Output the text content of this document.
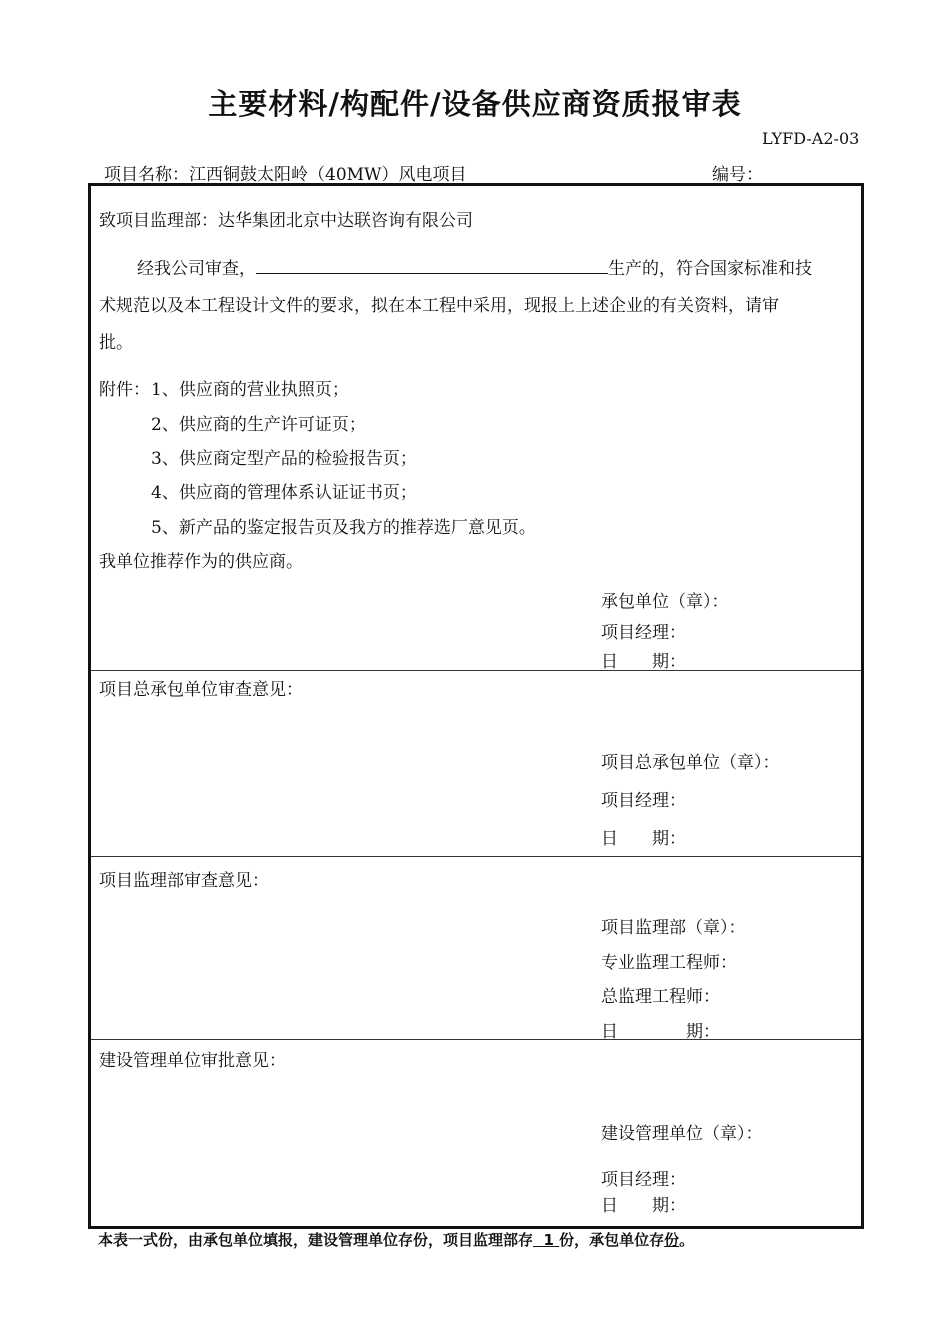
主要材料/构配件/设备供应商资质报审表
LYFD-A2-03
项目名称：江西铜鼓太阳岭（40MW）风电项目	编号：
致项目监理部：达华集团北京中达联咨询有限公司
经我公司审查，	生产的，符合国家标准和技
术规范以及本工程设计文件的要求，拟在本工程中采用，现报上上述企业的有关资料，请审
批。
附件： 1、供应商的营业执照页；
2、供应商的生产许可证页；
3、供应商定型产品的检验报告页；
4、供应商的管理体系认证证书页；
5、新产品的鉴定报告页及我方的推荐选厂意见页。
我单位推荐作为的供应商。
承包单位（章）：
项目经理：
日　　期：
项目总承包单位审查意见：
项目总承包单位（章）：
项目经理：
日　　期：
项目监理部审查意见：
项目监理部（章）：
专业监理工程师：
总监理工程师：
日　　　　期：
建设管理单位审批意见：
建设管理单位（章）：
项目经理：
日　　期：
本表一式份，由承包单位填报，建设管理单位存份，项目监理部存 1 份，承包单位存份。
